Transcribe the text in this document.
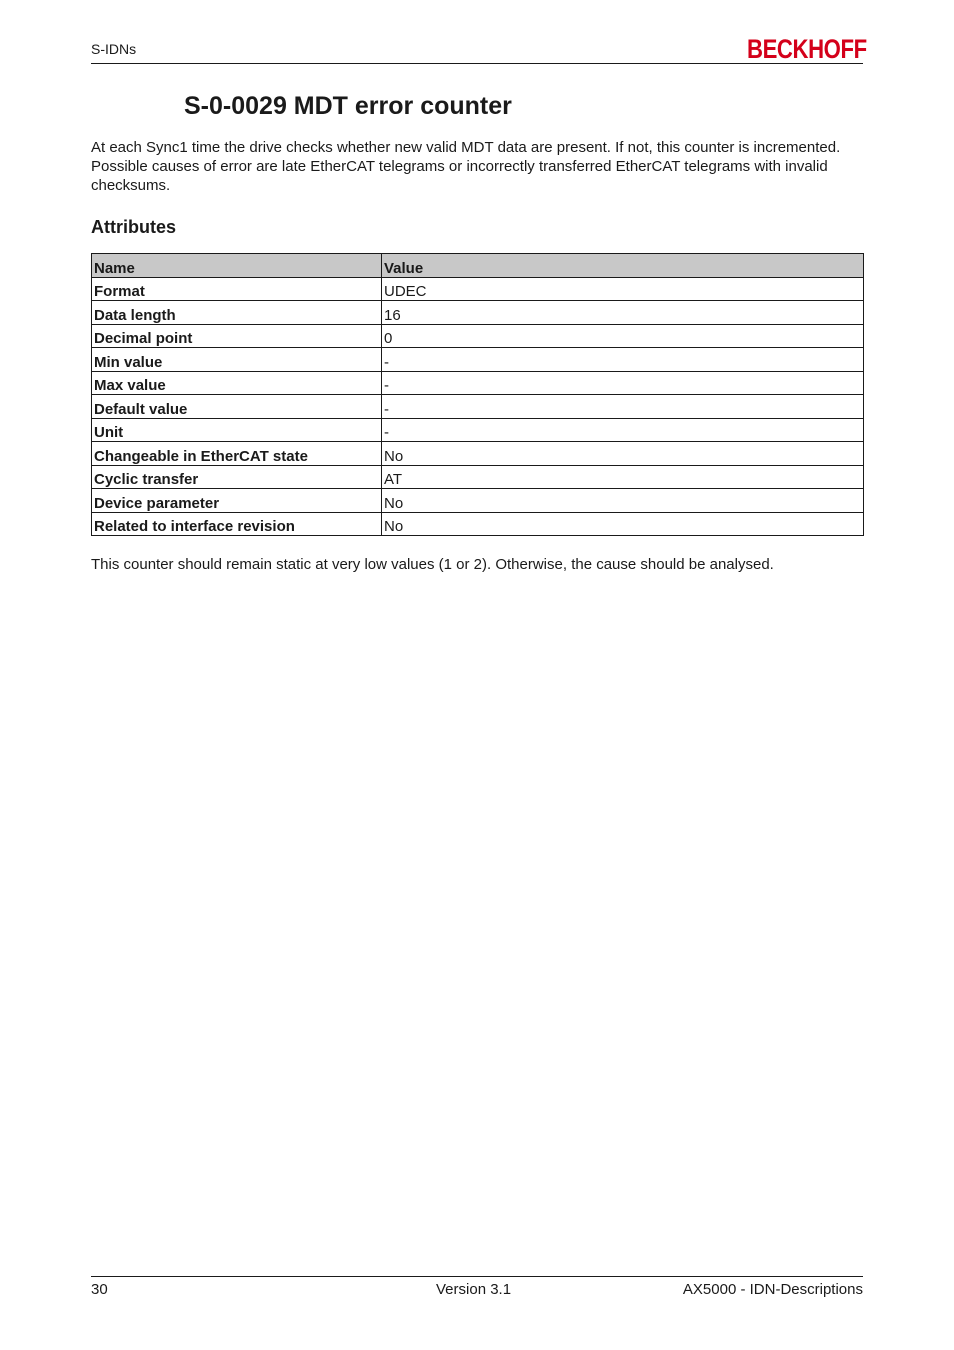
S-IDNs	BECKHOFF
S-0-0029 MDT error counter

At each Sync1 time the drive checks whether new valid MDT data are present. If not, this counter is incremented. Possible causes of error are late EtherCAT telegrams or incorrectly transferred EtherCAT telegrams with invalid checksums.

Attributes
Name	Value
Format	UDEC
Data length	16
Decimal point	0
Min value	-
Max value	-
Default value	-
Unit	-
Changeable in EtherCAT state	No
Cyclic transfer	AT
Device parameter	No
Related to interface revision	No

This counter should remain static at very low values (1 or 2). Otherwise, the cause should be analysed.

30	Version 3.1	AX5000 - IDN-Descriptions
